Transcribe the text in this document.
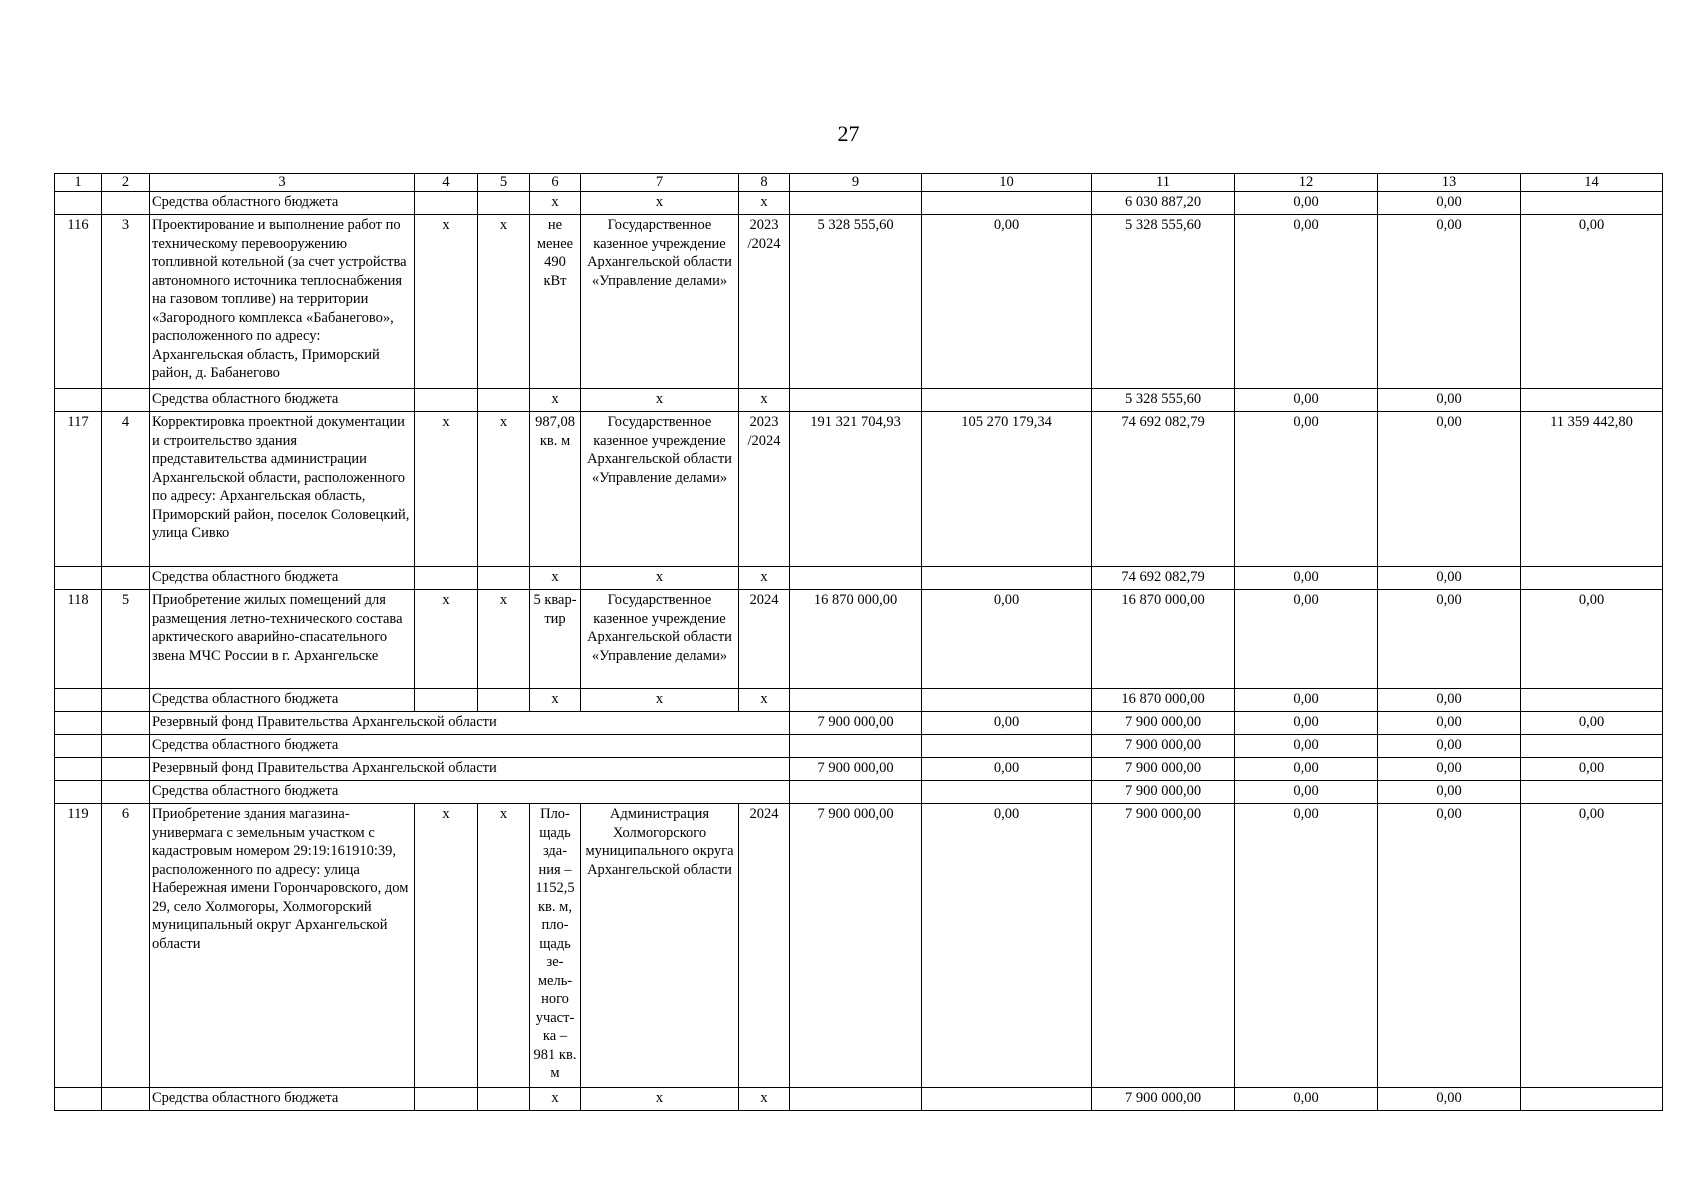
27
1	2	3	4	5	6	7	8	9	10	11	12	13	14
		Средства областного бюджета			х	х	х			6 030 887,20	0,00	0,00	
116	3	Проектирование и выполнение работ по техническому перевооружению топливной котельной (за счет устройства автономного источника теплоснабжения на газовом топливе) на территории «Загородного комплекса «Бабанегово», расположенного по адресу: Архангельская область, Приморский район, д. Бабанегово	х	х	не менее 490 кВт	Государственное казенное учреждение Архангельской области «Управление делами»	2023 /2024	5 328 555,60	0,00	5 328 555,60	0,00	0,00	0,00
		Средства областного бюджета			х	х	х			5 328 555,60	0,00	0,00	
117	4	Корректировка проектной документации и строительство здания представительства администрации Архангельской области, расположенного по адресу: Архангельская область, Приморский район, поселок Соловецкий, улица Сивко	х	х	987,08 кв. м	Государственное казенное учреждение Архангельской области «Управление делами»	2023 /2024	191 321 704,93	105 270 179,34	74 692 082,79	0,00	0,00	11 359 442,80
		Средства областного бюджета			х	х	х			74 692 082,79	0,00	0,00	
118	5	Приобретение жилых помещений для размещения летно-технического состава арктического аварийно-спасательного звена МЧС России в г. Архангельске	х	х	5 квар-тир	Государственное казенное учреждение Архангельской области «Управление делами»	2024	16 870 000,00	0,00	16 870 000,00	0,00	0,00	0,00
		Средства областного бюджета			х	х	х			16 870 000,00	0,00	0,00	
		Резервный фонд Правительства Архангельской области						7 900 000,00	0,00	7 900 000,00	0,00	0,00	0,00
		Средства областного бюджета								7 900 000,00	0,00	0,00	
		Резервный фонд Правительства Архангельской области						7 900 000,00	0,00	7 900 000,00	0,00	0,00	0,00
		Средства областного бюджета								7 900 000,00	0,00	0,00	
119	6	Приобретение здания магазина-универмага с земельным участком с кадастровым номером 29:19:161910:39, расположенного по адресу: улица Набережная имени Горончаровского, дом 29, село Холмогоры, Холмогорский муниципальный округ Архангельской области	х	х	Пло-щадь зда-ния – 1152,5 кв. м, пло-щадь зе-мель-ного участ-ка – 981 кв. м	Администрация Холмогорского муниципального округа Архангельской области	2024	7 900 000,00	0,00	7 900 000,00	0,00	0,00	0,00
		Средства областного бюджета			х	х	х			7 900 000,00	0,00	0,00	
